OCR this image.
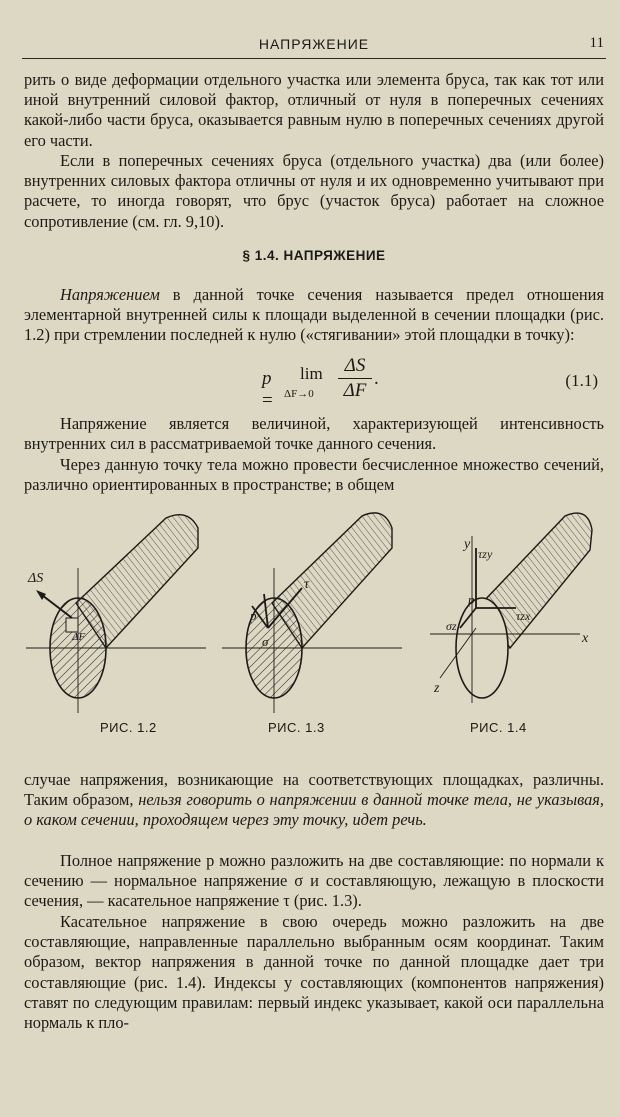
НАПРЯЖЕНИЕ	11

рить о виде деформации отдельного участка или элемента бруса, так как тот или иной внутренний силовой фактор, отличный от нуля в поперечных сечениях какой-либо части бруса, оказывается равным нулю в поперечных сечениях другой его части.

Если в поперечных сечениях бруса (отдельного участка) два (или более) внутренних силовых фактора отличны от нуля и их одновременно учитывают при расчете, то иногда говорят, что брус (участок бруса) работает на сложное сопротивление (см. гл. 9,10).

§ 1.4. НАПРЯЖЕНИЕ

Напряжением в данной точке сечения называется предел отношения элементарной внутренней силы к площади выделенной в сечении площадки (рис. 1.2) при стремлении последней к нулю («стягивании» этой площадки в точку):

p =
lim
$\Delta F\to 0 \frac{\Delta S}{\Delta F}$ .	(1.1)

Напряжение является величиной, характеризующей интенсивность внутренних сил в рассматриваемой точке данного сечения.

Через данную точку тела можно провести бесчисленное множество сечений, различно ориентированных в пространстве; в общем

ΔS
ΔF
РИС. 1.2
τ
p
σ
РИС. 1.3
y
τzy
p
τzx
σz
x
z
РИС. 1.4

случае напряжения, возникающие на соответствующих площадках, различны. Таким образом, нельзя говорить о напряжении в данной точке тела, не указывая, о каком сечении, проходящем через эту точку, идет речь.

Полное напряжение p можно разложить на две составляющие: по нормали к сечению — нормальное напряжение σ и составляющую, лежащую в плоскости сечения, — касательное напряжение τ (рис. 1.3).

Касательное напряжение в свою очередь можно разложить на две составляющие, направленные параллельно выбранным осям координат. Таким образом, вектор напряжения в данной точке по данной площадке дает три составляющие (рис. 1.4). Индексы у составляющих (компонентов напряжения) ставят по следующим правилам: первый индекс указывает, какой оси параллельна нормаль к пло-
